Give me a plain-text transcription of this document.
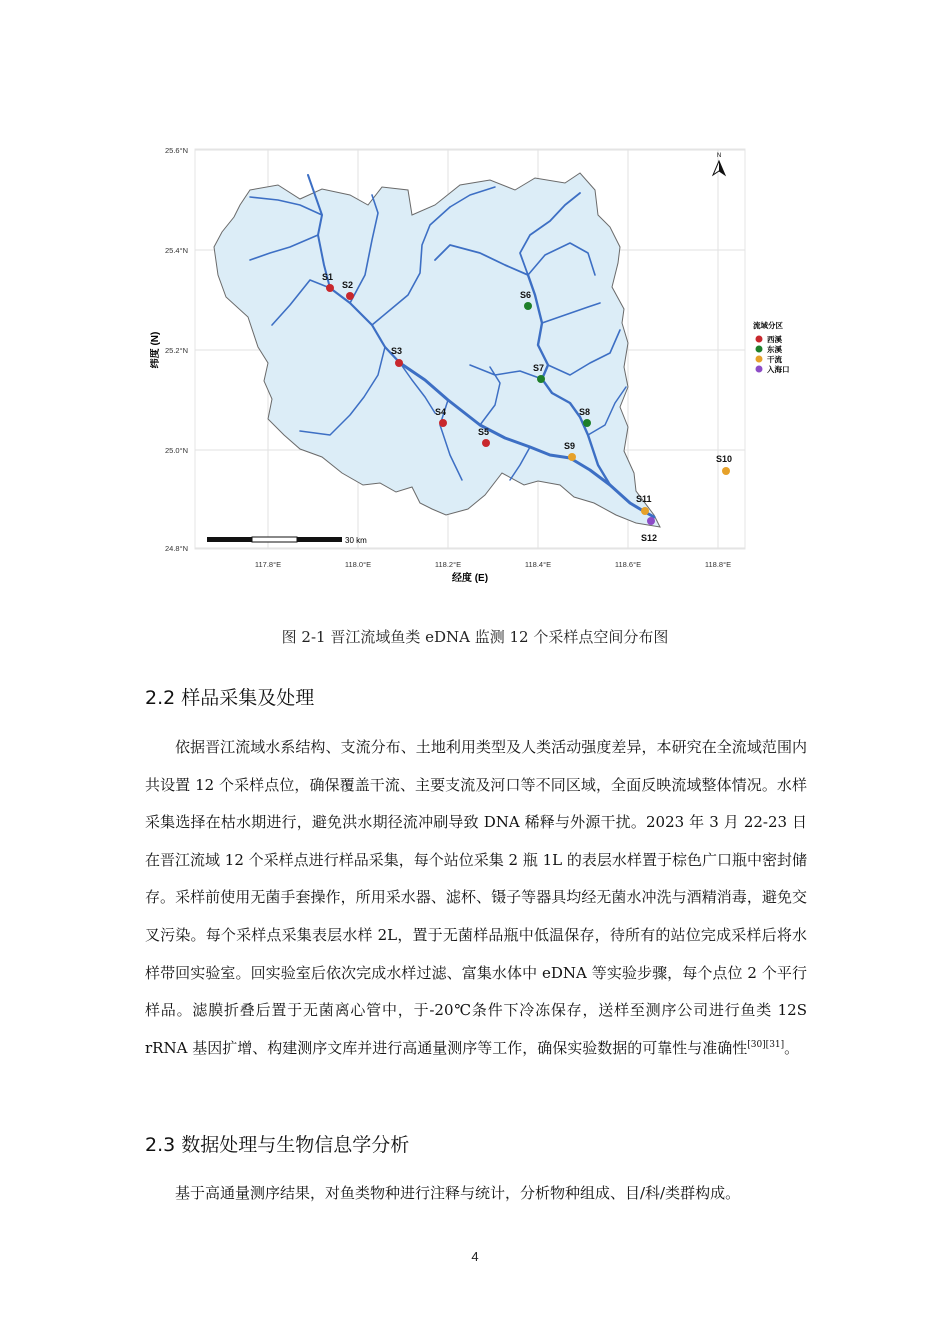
N
30 km
25.6°N
25.4°N
25.2°N
25.0°N
24.8°N
117.8°E	118.0°E	118.2°E	118.4°E	118.6°E	118.8°E
经度 (E)
纬度 (N)
流域分区
西溪
东溪
干流
入海口
S1
S2
S3
S4
S5
S6
S7
S8
S9
S10
S11
S12
图 2-1 晋江流域鱼类 eDNA 监测 12 个采样点空间分布图
2.2 样品采集及处理

依据晋江流域水系结构、支流分布、土地利用类型及人类活动强度差异，本研究在全流域范围内共设置 12 个采样点位，确保覆盖干流、主要支流及河口等不同区域，全面反映流域整体情况。水样采集选择在枯水期进行，避免洪水期径流冲刷导致 DNA 稀释与外源干扰。2023 年 3 月 22-23 日在晋江流域 12 个采样点进行样品采集，每个站位采集 2 瓶 1L 的表层水样置于棕色广口瓶中密封储存。采样前使用无菌手套操作，所用采水器、滤杯、镊子等器具均经无菌水冲洗与酒精消毒，避免交叉污染。每个采样点采集表层水样 2L，置于无菌样品瓶中低温保存，待所有的站位完成采样后将水样带回实验室。回实验室后依次完成水样过滤、富集水体中 eDNA 等实验步骤，每个点位 2 个平行样品。滤膜折叠后置于无菌离心管中，于-20℃条件下冷冻保存，送样至测序公司进行鱼类 12S rRNA 基因扩增、构建测序文库并进行高通量测序等工作，确保实验数据的可靠性与准确性[30][31]。

2.3 数据处理与生物信息学分析

基于高通量测序结果，对鱼类物种进行注释与统计，分析物种组成、目/科/类群构成。

4
